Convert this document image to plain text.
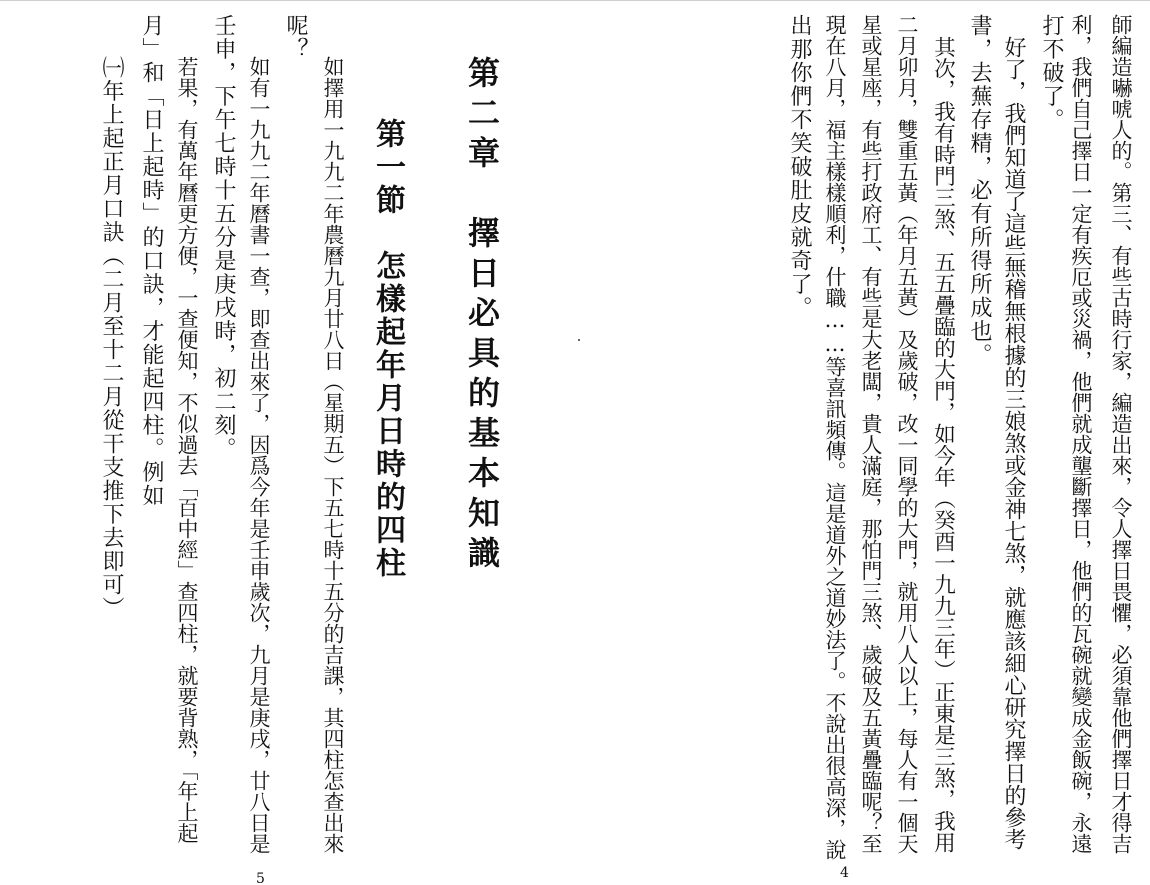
師編造嚇唬人的。第三、有些古時行家，編造出來，令人擇日畏懼，必須靠他們擇日才得吉
利，我們自己擇日一定有疾厄或災禍，他們就成壟斷擇日，他們的瓦碗就變成金飯碗，永遠
打不破了。
好了，我們知道了這些無稽無根據的三娘煞或金神七煞，就應該細心研究擇日的參考
書，去蕪存精，必有所得所成也。
其次，我有時門三煞、五五疊臨的大門，如今年（癸酉一九九三年）正東是三煞，我用
二月卯月，雙重五黃（年月五黃）及歲破，改一同學的大門，就用八人以上，每人有一個天
星或星座，有些打政府工、有些是大老闆，貴人滿庭，那怕門三煞、歲破及五黃疊臨呢？至
現在八月，福主樣樣順利，什職……等喜訊頻傳。這是道外之道妙法了。不說出很高深，說
出那你們不笑破肚皮就奇了。
4
第二章　擇日必具的基本知識
第一節　怎樣起年月日時的四柱
如擇用一九九二年農曆九月廿八日（星期五）下五七時十五分的吉課，其四柱怎查出來
呢？
如有一九九二年曆書一查，即查出來了，因爲今年是壬申歲次，九月是庚戌，廿八日是
壬申，下午七時十五分是庚戌時，初二刻。
若果，有萬年曆更方便，一查便知，不似過去「百中經」查四柱，就要背熟，「年上起
月」和「日上起時」的口訣，才能起四柱。例如
㈠年上起正月口訣（二月至十二月從干支推下去即可）
5
